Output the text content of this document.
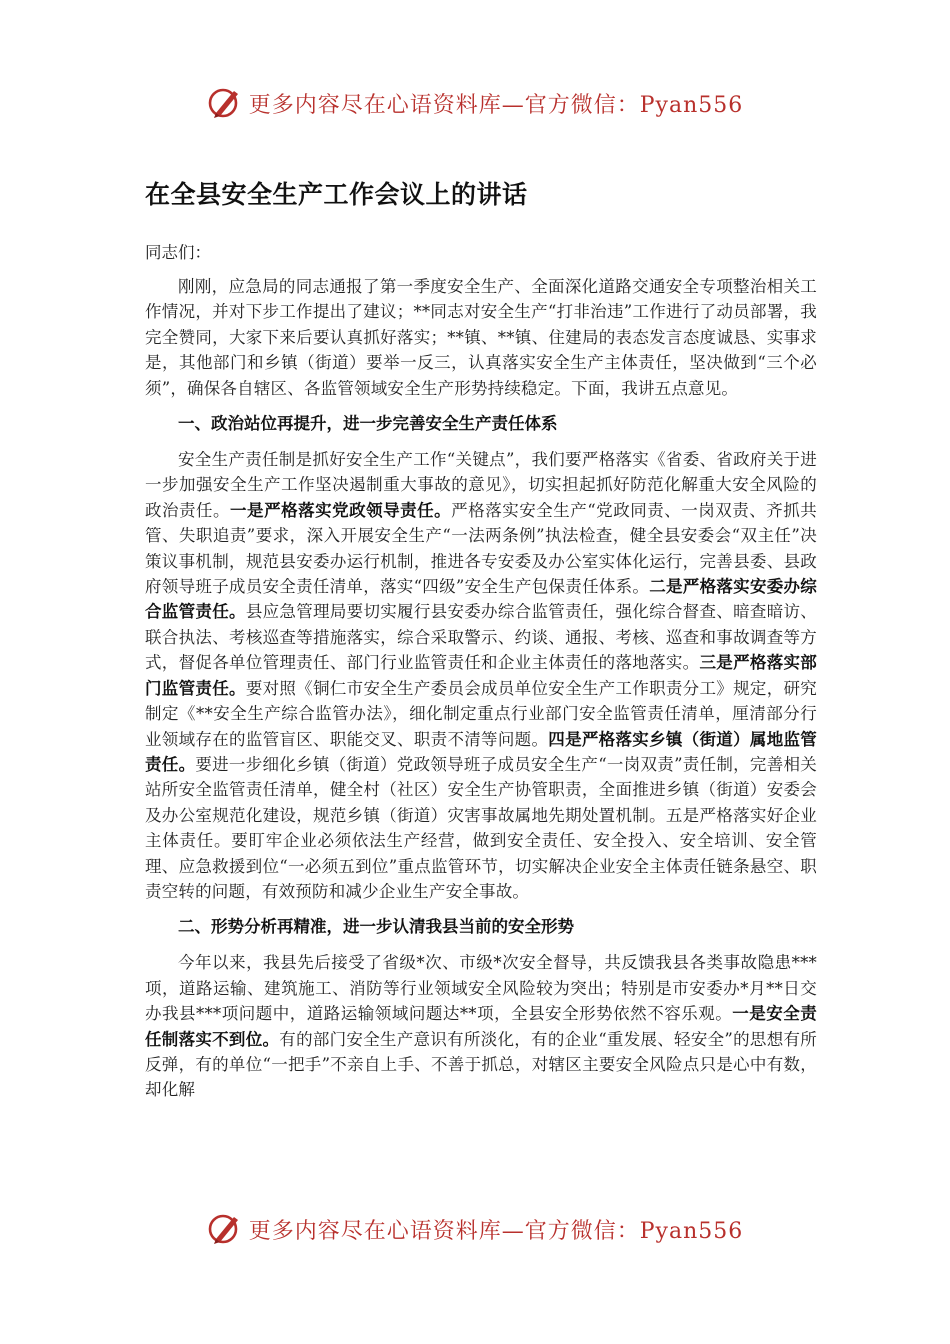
更多内容尽在心语资料库—官方微信：Pyan556
在全县安全生产工作会议上的讲话
同志们：

刚刚，应急局的同志通报了第一季度安全生产、全面深化道路交通安全专项整治相关工作情况，并对下步工作提出了建议；**同志对安全生产“打非治违”工作进行了动员部署，我完全赞同，大家下来后要认真抓好落实；**镇、**镇、住建局的表态发言态度诚恳、实事求是，其他部门和乡镇（街道）要举一反三，认真落实安全生产主体责任，坚决做到“三个必须”，确保各自辖区、各监管领域安全生产形势持续稳定。下面，我讲五点意见。

一、政治站位再提升，进一步完善安全生产责任体系

安全生产责任制是抓好安全生产工作“关键点”，我们要严格落实《省委、省政府关于进一步加强安全生产工作坚决遏制重大事故的意见》，切实担起抓好防范化解重大安全风险的政治责任。一是严格落实党政领导责任。严格落实安全生产“党政同责、一岗双责、齐抓共管、失职追责”要求，深入开展安全生产“一法两条例”执法检查，健全县安委会“双主任”决策议事机制，规范县安委办运行机制，推进各专安委及办公室实体化运行，完善县委、县政府领导班子成员安全责任清单，落实“四级”安全生产包保责任体系。二是严格落实安委办综合监管责任。县应急管理局要切实履行县安委办综合监管责任，强化综合督查、暗查暗访、联合执法、考核巡查等措施落实，综合采取警示、约谈、通报、考核、巡查和事故调查等方式，督促各单位管理责任、部门行业监管责任和企业主体责任的落地落实。三是严格落实部门监管责任。要对照《铜仁市安全生产委员会成员单位安全生产工作职责分工》规定，研究制定《**安全生产综合监管办法》，细化制定重点行业部门安全监管责任清单，厘清部分行业领域存在的监管盲区、职能交叉、职责不清等问题。四是严格落实乡镇（街道）属地监管责任。要进一步细化乡镇（街道）党政领导班子成员安全生产“一岗双责”责任制，完善相关站所安全监管责任清单，健全村（社区）安全生产协管职责，全面推进乡镇（街道）安委会及办公室规范化建设，规范乡镇（街道）灾害事故属地先期处置机制。五是严格落实好企业主体责任。要盯牢企业必须依法生产经营，做到安全责任、安全投入、安全培训、安全管理、应急救援到位“一必须五到位”重点监管环节，切实解决企业安全主体责任链条悬空、职责空转的问题，有效预防和减少企业生产安全事故。

二、形势分析再精准，进一步认清我县当前的安全形势

今年以来，我县先后接受了省级*次、市级*次安全督导，共反馈我县各类事故隐患***项，道路运输、建筑施工、消防等行业领域安全风险较为突出；特别是市安委办*月**日交办我县***项问题中，道路运输领域问题达**项，全县安全形势依然不容乐观。一是安全责任制落实不到位。有的部门安全生产意识有所淡化，有的企业“重发展、轻安全”的思想有所反弹，有的单位“一把手”不亲自上手、不善于抓总，对辖区主要安全风险点只是心中有数，却化解

更多内容尽在心语资料库—官方微信：Pyan556
